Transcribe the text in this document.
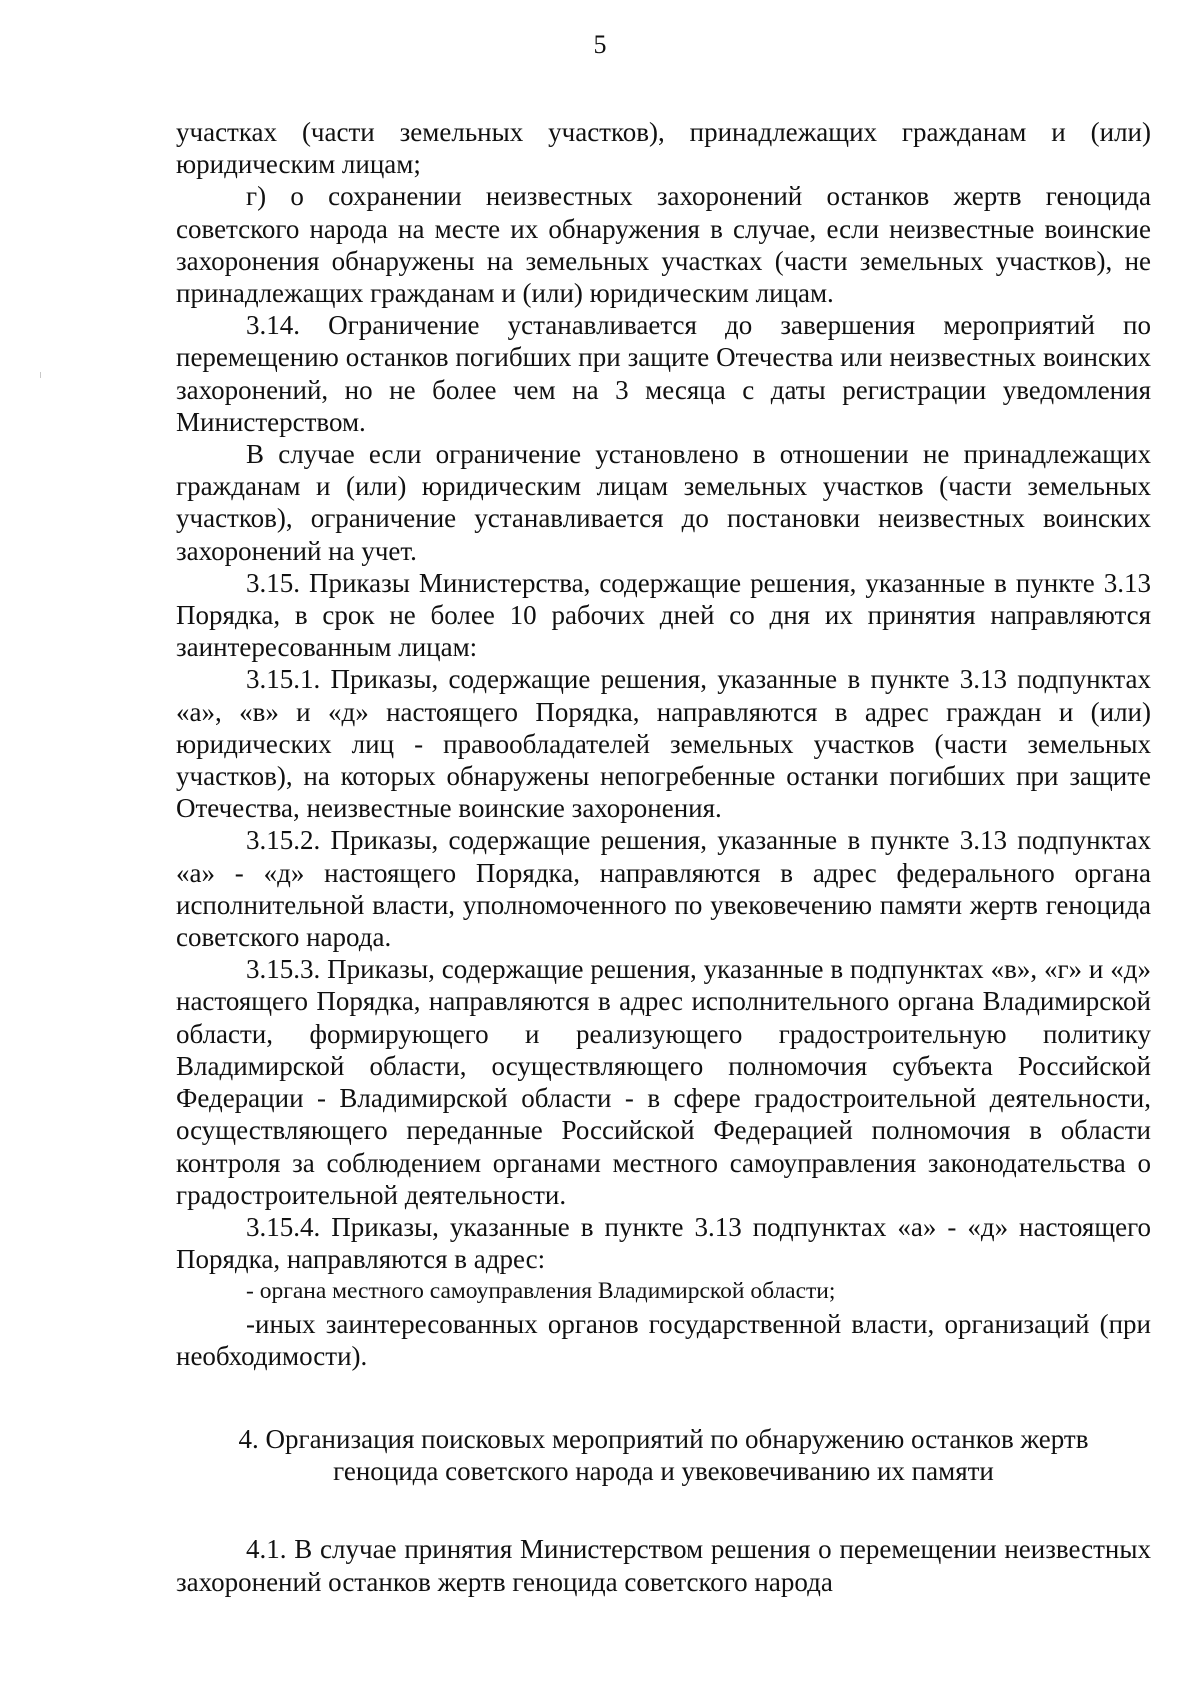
5

участках (части земельных участков), принадлежащих гражданам и (или) юридическим лицам;

г) о сохранении неизвестных захоронений останков жертв геноцида советского народа на месте их обнаружения в случае, если неизвестные воинские захоронения обнаружены на земельных участках (части земельных участков), не принадлежащих гражданам и (или) юридическим лицам.

3.14. Ограничение устанавливается до завершения мероприятий по перемещению останков погибших при защите Отечества или неизвестных воинских захоронений, но не более чем на 3 месяца с даты регистрации уведомления Министерством.

В случае если ограничение установлено в отношении не принадлежащих гражданам и (или) юридическим лицам земельных участков (части земельных участков), ограничение устанавливается до постановки неизвестных воинских захоронений на учет.

3.15. Приказы Министерства, содержащие решения, указанные в пункте 3.13 Порядка, в срок не более 10 рабочих дней со дня их принятия направляются заинтересованным лицам:

3.15.1. Приказы, содержащие решения, указанные в пункте 3.13 подпунктах «а», «в» и «д» настоящего Порядка, направляются в адрес граждан и (или) юридических лиц - правообладателей земельных участков (части земельных участков), на которых обнаружены непогребенные останки погибших при защите Отечества, неизвестные воинские захоронения.

3.15.2. Приказы, содержащие решения, указанные в пункте 3.13 подпунктах «а» - «д» настоящего Порядка, направляются в адрес федерального органа исполнительной власти, уполномоченного по увековечению памяти жертв геноцида советского народа.

3.15.3. Приказы, содержащие решения, указанные в подпунктах «в», «г» и «д» настоящего Порядка, направляются в адрес исполнительного органа Владимирской области, формирующего и реализующего градостроительную политику Владимирской области, осуществляющего полномочия субъекта Российской Федерации - Владимирской области - в сфере градостроительной деятельности, осуществляющего переданные Российской Федерацией полномочия в области контроля за соблюдением органами местного самоуправления законодательства о градостроительной деятельности.

3.15.4. Приказы, указанные в пункте 3.13 подпунктах «а» - «д» настоящего Порядка, направляются в адрес:

- органа местного самоуправления Владимирской области;

-иных заинтересованных органов государственной власти, организаций (при необходимости).

4. Организация поисковых мероприятий по обнаружению останков жертв
геноцида советского народа и увековечиванию их памяти

4.1. В случае принятия Министерством решения о перемещении неизвестных захоронений останков жертв геноцида советского народа
